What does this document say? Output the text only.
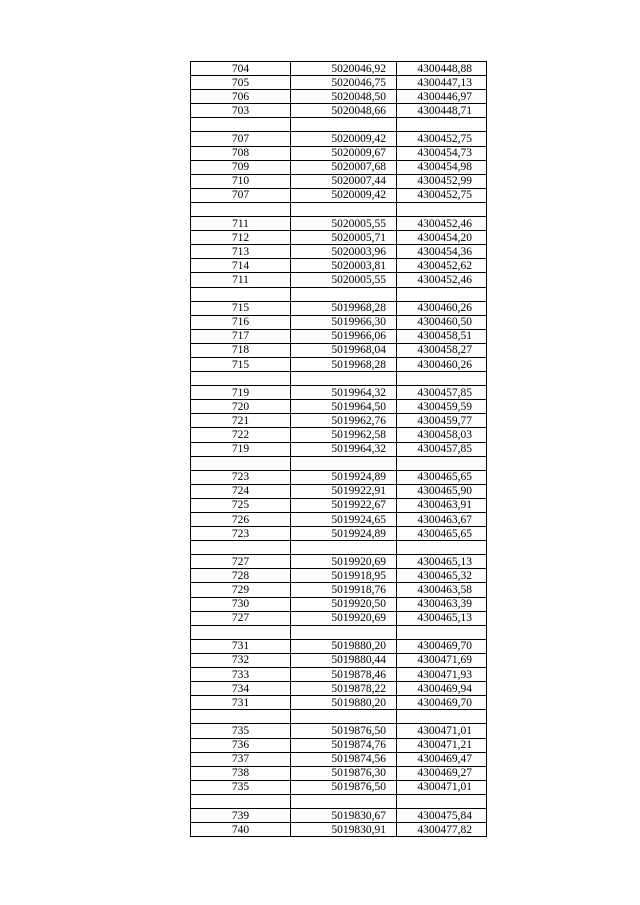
704	5020046,92	4300448,88
705	5020046,75	4300447,13
706	5020048,50	4300446,97
703	5020048,66	4300448,71

707	5020009,42	4300452,75
708	5020009,67	4300454,73
709	5020007,68	4300454,98
710	5020007,44	4300452,99
707	5020009,42	4300452,75

711	5020005,55	4300452,46
712	5020005,71	4300454,20
713	5020003,96	4300454,36
714	5020003,81	4300452,62
711	5020005,55	4300452,46

715	5019968,28	4300460,26
716	5019966,30	4300460,50
717	5019966,06	4300458,51
718	5019968,04	4300458,27
715	5019968,28	4300460,26

719	5019964,32	4300457,85
720	5019964,50	4300459,59
721	5019962,76	4300459,77
722	5019962,58	4300458,03
719	5019964,32	4300457,85

723	5019924,89	4300465,65
724	5019922,91	4300465,90
725	5019922,67	4300463,91
726	5019924,65	4300463,67
723	5019924,89	4300465,65

727	5019920,69	4300465,13
728	5019918,95	4300465,32
729	5019918,76	4300463,58
730	5019920,50	4300463,39
727	5019920,69	4300465,13

731	5019880,20	4300469,70
732	5019880,44	4300471,69
733	5019878,46	4300471,93
734	5019878,22	4300469,94
731	5019880,20	4300469,70

735	5019876,50	4300471,01
736	5019874,76	4300471,21
737	5019874,56	4300469,47
738	5019876,30	4300469,27
735	5019876,50	4300471,01

739	5019830,67	4300475,84
740	5019830,91	4300477,82
